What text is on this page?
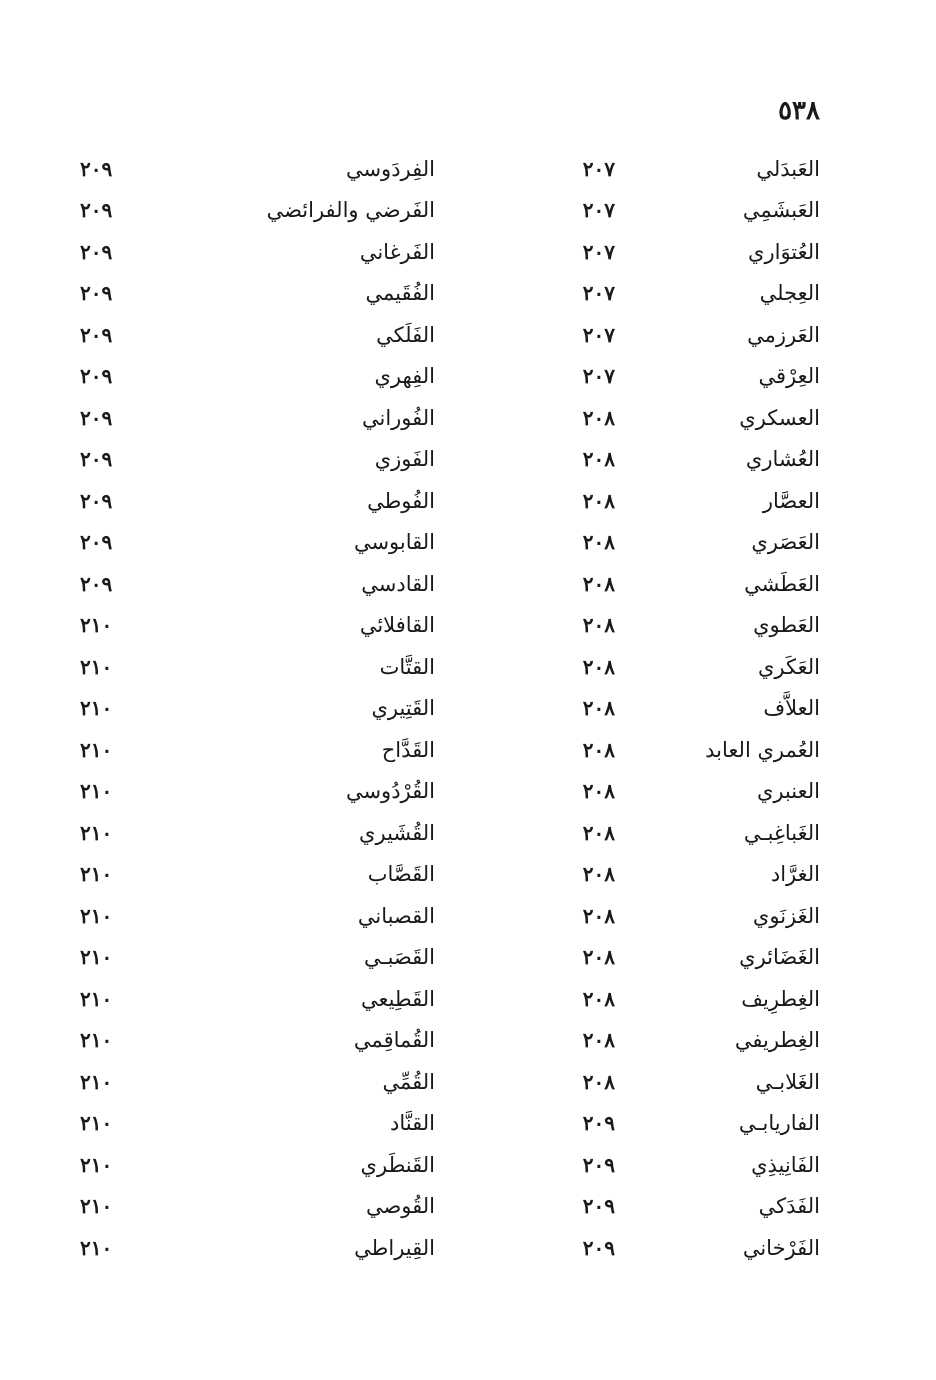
٥٣٨
العَبدَلي
٢٠٧
الفِردَوسي
٢٠٩
العَبشَمِي
٢٠٧
الفَرضي والفرائضي
٢٠٩
العُتوَاري
٢٠٧
الفَرغاني
٢٠٩
العِجلي
٢٠٧
الفُقَيمي
٢٠٩
العَرزمي
٢٠٧
الفَلَكي
٢٠٩
العِرْقي
٢٠٧
الفِهري
٢٠٩
العسكري
٢٠٨
الفُوراني
٢٠٩
العُشاري
٢٠٨
الفَوزي
٢٠٩
العصَّار
٢٠٨
الفُوطي
٢٠٩
العَصَري
٢٠٨
القابوسي
٢٠٩
العَطَشي
٢٠٨
القادسي
٢٠٩
العَطوي
٢٠٨
القافلائي
٢١٠
العَكَري
٢٠٨
القتَّات
٢١٠
العلاَّف
٢٠٨
القَتِيري
٢١٠
العُمري العابد
٢٠٨
القَدَّاح
٢١٠
العنبري
٢٠٨
القُرْدُوسي
٢١٠
الغَباغِبـي
٢٠٨
القُشَيري
٢١٠
الغرَّاد
٢٠٨
القَصَّاب
٢١٠
الغَزنَوي
٢٠٨
القصباني
٢١٠
الغَضَائري
٢٠٨
القَصَبـي
٢١٠
الغِطرِيف
٢٠٨
القَطِيعي
٢١٠
الغِطريفي
٢٠٨
القُماقِمي
٢١٠
الغَلابـي
٢٠٨
القُمِّي
٢١٠
الفاريابـي
٢٠٩
القنَّاد
٢١٠
الفَانِيذِي
٢٠٩
القَنطَري
٢١٠
الفَدَكي
٢٠٩
القُوصي
٢١٠
الفَرْخاني
٢٠٩
القِيراطي
٢١٠
